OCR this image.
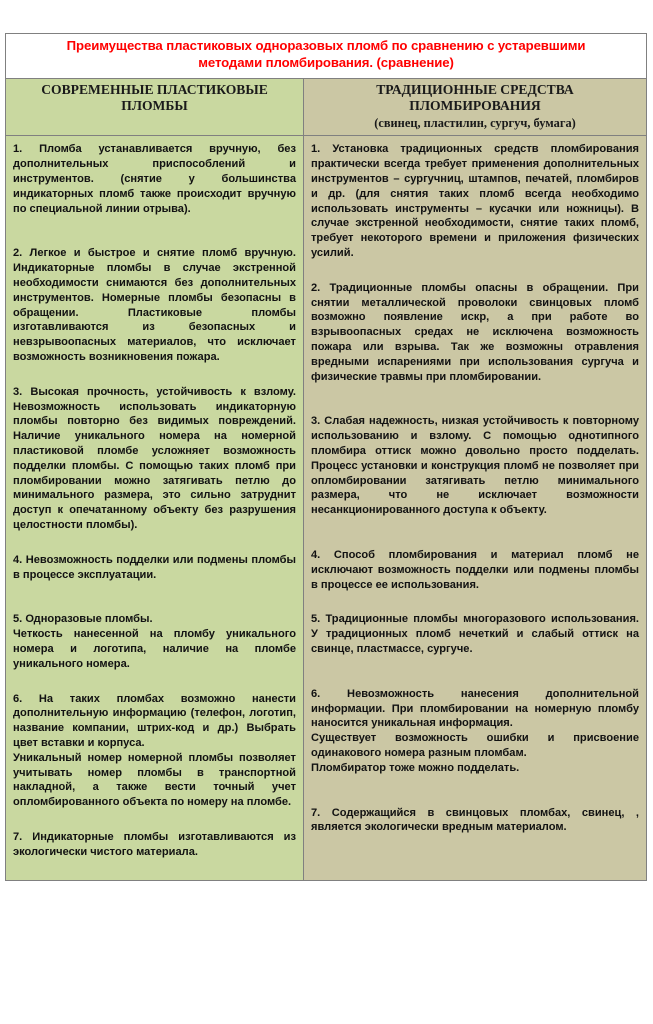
Преимущества пластиковых одноразовых пломб по сравнению с устаревшими
методами пломбирования. (сравнение)
СОВРЕМЕННЫЕ ПЛАСТИКОВЫЕ ПЛОМБЫ
ТРАДИЦИОННЫЕ СРЕДСТВА ПЛОМБИРОВАНИЯ
(свинец, пластилин, сургуч, бумага)
1. Пломба устанавливается вручную, без дополнительных приспособлений и инструментов. (снятие у большинства индикаторных пломб также происходит вручную по специальной линии отрыва).
2. Легкое и быстрое и снятие пломб вручную. Индикаторные пломбы в случае экстренной необходимости снимаются без дополнительных инструментов. Номерные пломбы безопасны в обращении. Пластиковые пломбы изготавливаются из безопасных и невзрывоопасных материалов, что исключает возможность возникновения пожара.
3. Высокая прочность, устойчивость к взлому. Невозможность использовать индикаторную пломбы повторно без видимых повреждений. Наличие уникального номера на номерной пластиковой пломбе усложняет возможность подделки пломбы. С помощью таких пломб при пломбировании можно затягивать петлю до минимального размера, это сильно затруднит доступ к опечатанному объекту без разрушения целостности пломбы).
4. Невозможность подделки или подмены пломбы в процессе эксплуатации.
5. Одноразовые пломбы.
Четкость нанесенной на пломбу уникального номера и логотипа, наличие на пломбе уникального номера.
6. На таких пломбах возможно нанести дополнительную информацию (телефон, логотип, название компании, штрих-код и др.) Выбрать цвет вставки и корпуса.
Уникальный номер номерной пломбы позволяет учитывать номер пломбы в транспортной накладной, а также вести точный учет опломбированного объекта по номеру на пломбе.
7. Индикаторные пломбы изготавливаются из экологически чистого материала.
1. Установка традиционных средств пломбирования практически всегда требует применения дополнительных инструментов – сургучниц, штампов, печатей, пломбиров и др. (для снятия таких пломб всегда необходимо использовать инструменты – кусачки или ножницы). В случае экстренной необходимости, снятие таких пломб, требует некоторого времени и приложения физических усилий.
2. Традиционные пломбы опасны в обращении. При снятии металлической проволоки свинцовых пломб возможно появление искр, а при работе во взрывоопасных средах не исключена возможность пожара или взрыва. Так же возможны отравления вредными испарениями при использования сургуча и физические травмы при пломбировании.
3. Слабая надежность, низкая устойчивость к повторному использованию и взлому. С помощью однотипного пломбира оттиск можно довольно просто подделать. Процесс установки и конструкция пломб не позволяет при опломбировании затягивать петлю минимального размера, что не исключает возможности несанкционированного доступа к объекту.
4. Способ пломбирования и материал пломб не исключают возможность подделки или подмены пломбы в процессе ее использования.
5. Традиционные пломбы многоразового использования. У традиционных пломб нечеткий и слабый оттиск на свинце, пластмассе, сургуче.
6. Невозможность нанесения дополнительной информации. При пломбировании на номерную пломбу наносится уникальная информация.
Существует возможность ошибки и присвоение одинакового номера разным пломбам.
Пломбиратор тоже можно подделать.
7. Содержащийся в свинцовых пломбах, свинец, , является экологически вредным материалом.
